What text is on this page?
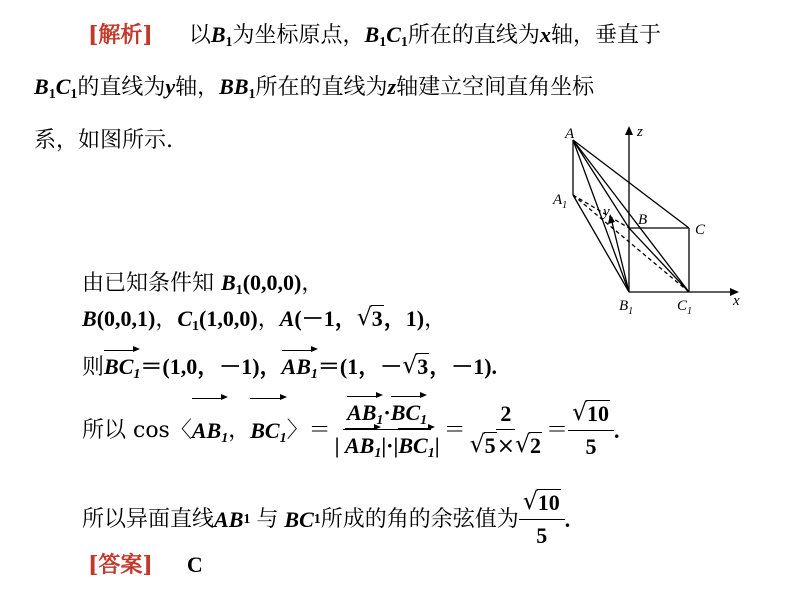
[解析] 以$B_1$为坐标原点，$B_1C_1$所在的直线为x轴，垂直于
$B_1C_1$的直线为y轴，$BB_1$所在的直线为z轴建立空间直角坐标
系，如图所示.	A
$A_1$
B
C
$B_1$	$C_1$
x
y
z
由已知条件知 $B_1(0,0,0)$，
B(0,0,1)，$C_1(1,0,0)$，A(－1， √ 3，1)，
则$BC_1=(1,0$，－1)，$AB_1=(1$，－ √ 3，－1).
所以 cos〈 $AB_1$ ， $BC_1$ 〉＝ $\frac{AB_1\cdot BC_1}{| AB_1|\cdot|BC_1|} = \frac{2}{√ 5\times √ 2} = \frac{√ 10}{5}$ .
所以异面直线 AB 1 与 BC 1 所成的角的余弦值为 $\frac{√ 10}{5}$ .
[答案] C
